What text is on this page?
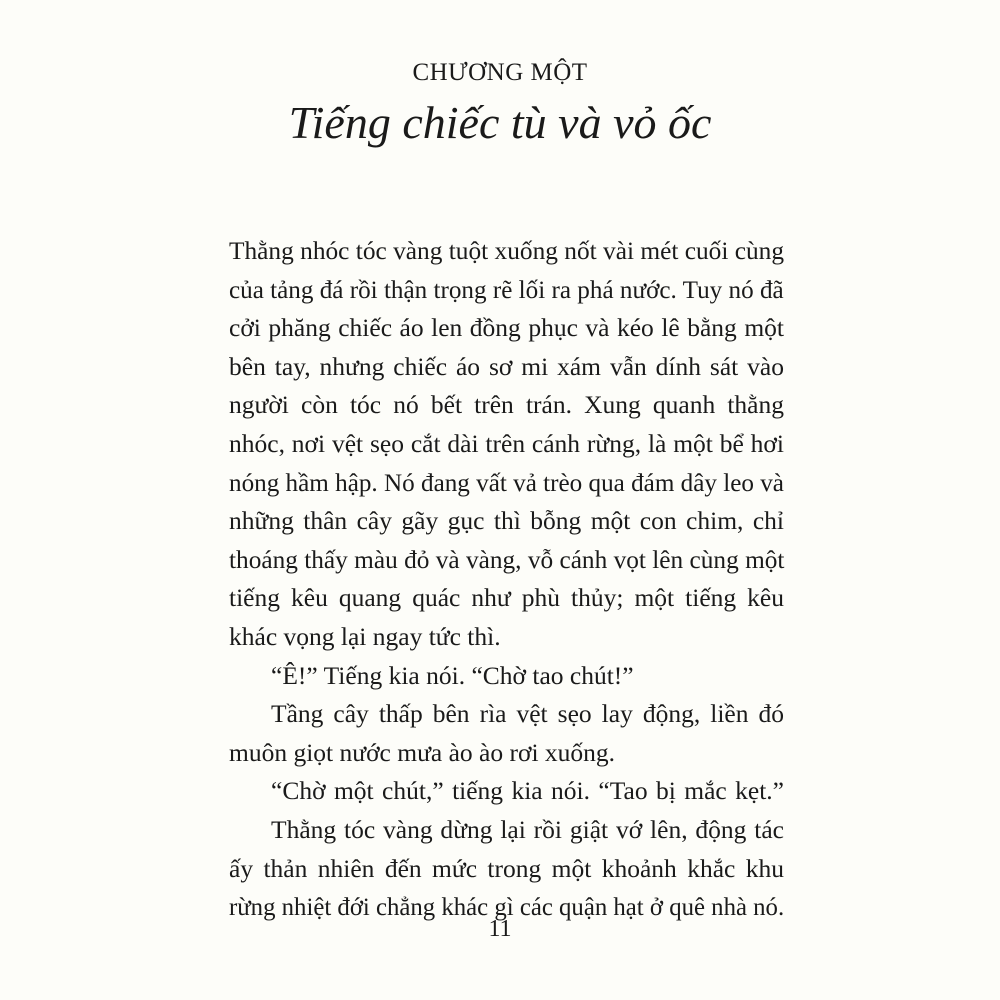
CHƯƠNG MỘT
Tiếng chiếc tù và vỏ ốc
Thằng nhóc tóc vàng tuột xuống nốt vài mét cuối cùng
của tảng đá rồi thận trọng rẽ lối ra phá nước. Tuy nó đã
cởi phăng chiếc áo len đồng phục và kéo lê bằng một
bên tay, nhưng chiếc áo sơ mi xám vẫn dính sát vào
người còn tóc nó bết trên trán. Xung quanh thằng
nhóc, nơi vệt sẹo cắt dài trên cánh rừng, là một bể hơi
nóng hầm hập. Nó đang vất vả trèo qua đám dây leo và
những thân cây gãy gục thì bỗng một con chim, chỉ
thoáng thấy màu đỏ và vàng, vỗ cánh vọt lên cùng một
tiếng kêu quang quác như phù thủy; một tiếng kêu
khác vọng lại ngay tức thì.
“Ê!” Tiếng kia nói. “Chờ tao chút!”
Tầng cây thấp bên rìa vệt sẹo lay động, liền đó
muôn giọt nước mưa ào ào rơi xuống.
“Chờ một chút,” tiếng kia nói. “Tao bị mắc kẹt.”
Thằng tóc vàng dừng lại rồi giật vớ lên, động tác
ấy thản nhiên đến mức trong một khoảnh khắc khu
rừng nhiệt đới chẳng khác gì các quận hạt ở quê nhà nó.
11
